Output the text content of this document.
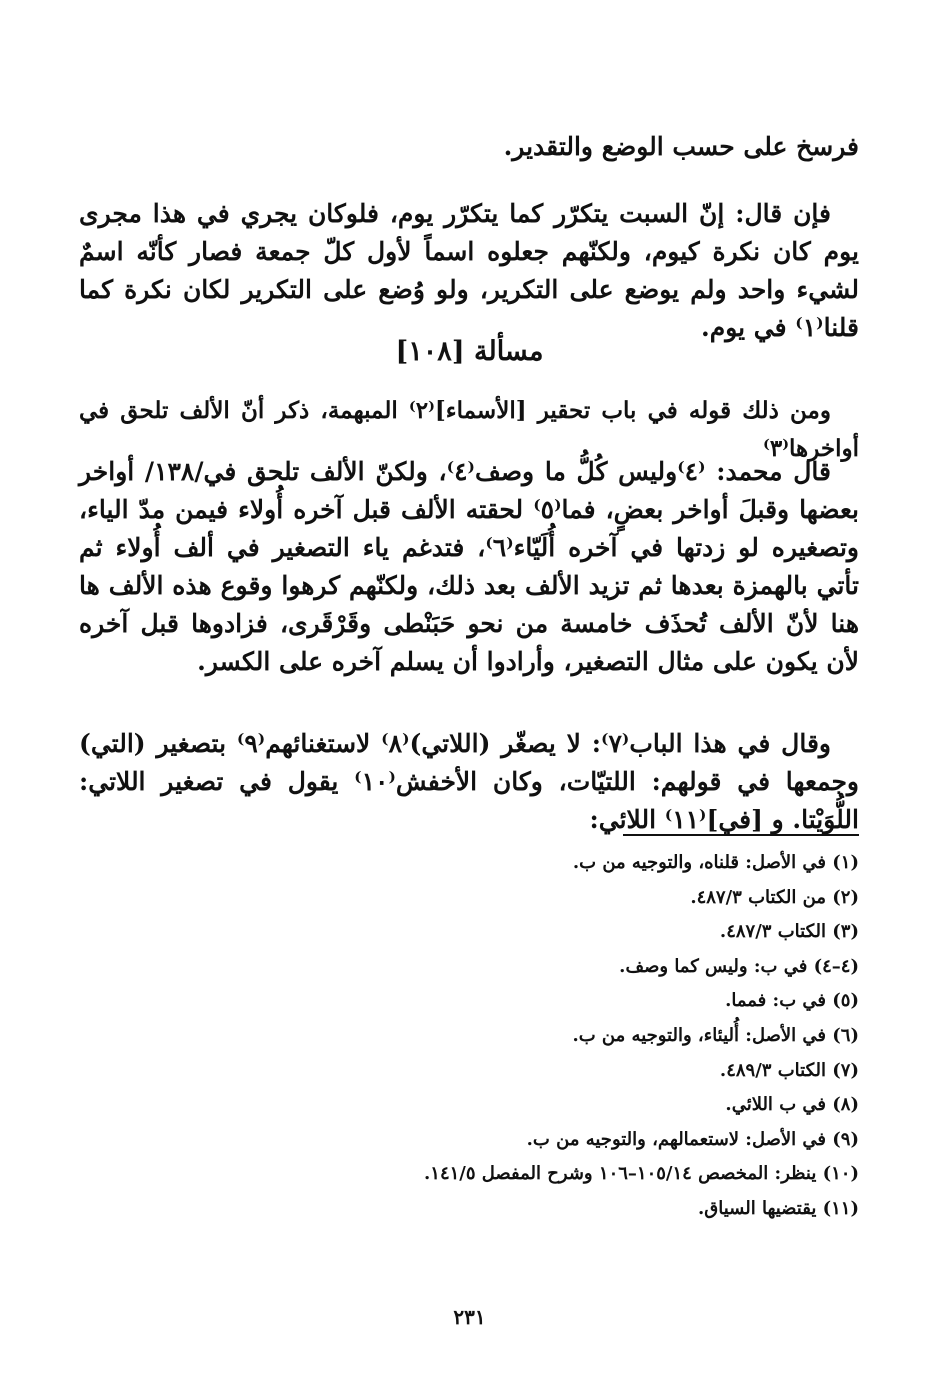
فرسخ على حسب الوضع والتقدير.

فإن قال: إنّ السبت يتكرّر كما يتكرّر يوم، فلوكان يجري في هذا مجرى يوم كان نكرة كيوم، ولكنّهم جعلوه اسماً لأول كلّ جمعة فصار كأنّه اسمٌ لشيء واحد ولم يوضع على التكرير، ولو وُضع على التكرير لكان نكرة كما قلنا⁽١⁾ في يوم.

مسألة [١٠٨]

ومن ذلك قوله في باب تحقير [الأسماء]⁽٢⁾ المبهمة، ذكر أنّ الألف تلحق في أواخرها⁽٣⁾

قال محمد: ⁽٤⁾وليس كُلُّ ما وصف⁽٤⁾، ولكنّ الألف تلحق في/١٣٨/ أواخر بعضها وقبلَ أواخر بعضٍ، فما⁽٥⁾ لحقته الألف قبل آخره أُولاء فيمن مدّ الياء، وتصغيره لو زدتها في آخره أُلَيّاء⁽٦⁾، فتدغم ياء التصغير في ألف أُولاء ثم تأتي بالهمزة بعدها ثم تزيد الألف بعد ذلك، ولكنّهم كرهوا وقوع هذه الألف ها هنا لأنّ الألف تُحذَف خامسة من نحو حَبَنْطى وقَرْقَرى، فزادوها قبل آخره لأن يكون على مثال التصغير، وأرادوا أن يسلم آخره على الكسر.

وقال في هذا الباب⁽٧⁾: لا يصغّر (اللاتي)⁽٨⁾ لاستغنائهم⁽٩⁾ بتصغير (التي) وجمعها في قولهم: اللتيّات، وكان الأخفش⁽١٠⁾ يقول في تصغير اللاتي: اللُّوَيْتا. و [في]⁽١١⁾ اللائي:

(١) في الأصل: قلناه، والتوجيه من ب.
(٢) من الكتاب ٤٨٧/٣.
(٣) الكتاب ٤٨٧/٣.
(٤–٤) في ب: وليس كما وصف.
(٥) في ب: فمما.
(٦) في الأصل: أُليئاء، والتوجيه من ب.
(٧) الكتاب ٤٨٩/٣.
(٨) في ب اللائي.
(٩) في الأصل: لاستعمالهم، والتوجيه من ب.
(١٠) ينظر: المخصص ١٠٥/١٤–١٠٦ وشرح المفصل ١٤١/٥.
(١١) يقتضيها السياق.
٢٣١
